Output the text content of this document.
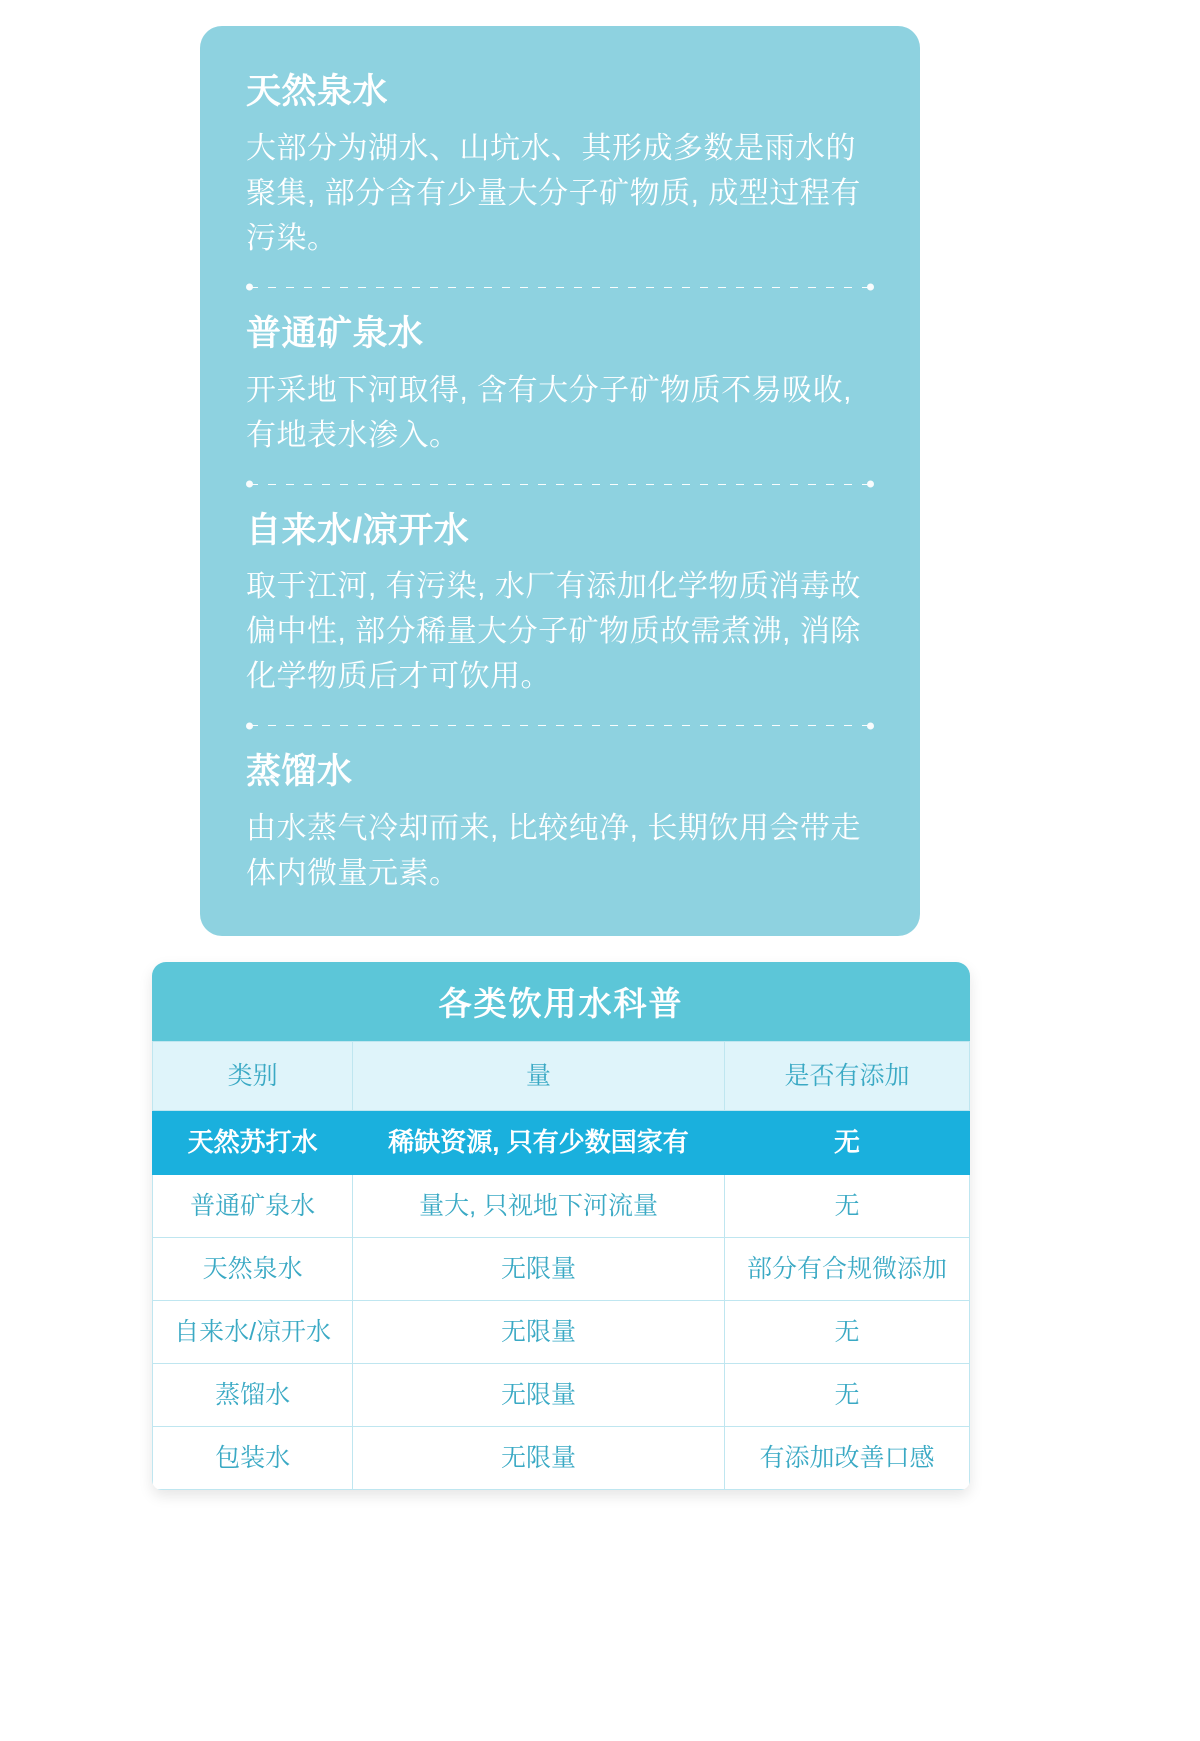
天然泉水

大部分为湖水、山坑水、其形成多数是雨水的聚集, 部分含有少量大分子矿物质, 成型过程有污染。

普通矿泉水

开采地下河取得, 含有大分子矿物质不易吸收, 有地表水渗入。

自来水/凉开水

取于江河, 有污染, 水厂有添加化学物质消毒故偏中性, 部分稀量大分子矿物质故需煮沸, 消除化学物质后才可饮用。

蒸馏水

由水蒸气冷却而来, 比较纯净, 长期饮用会带走体内微量元素。

各类饮用水科普
类别	量	是否有添加
天然苏打水	稀缺资源, 只有少数国家有	无
普通矿泉水	量大, 只视地下河流量	无
天然泉水	无限量	部分有合规微添加
自来水/凉开水	无限量	无
蒸馏水	无限量	无
包装水	无限量	有添加改善口感
